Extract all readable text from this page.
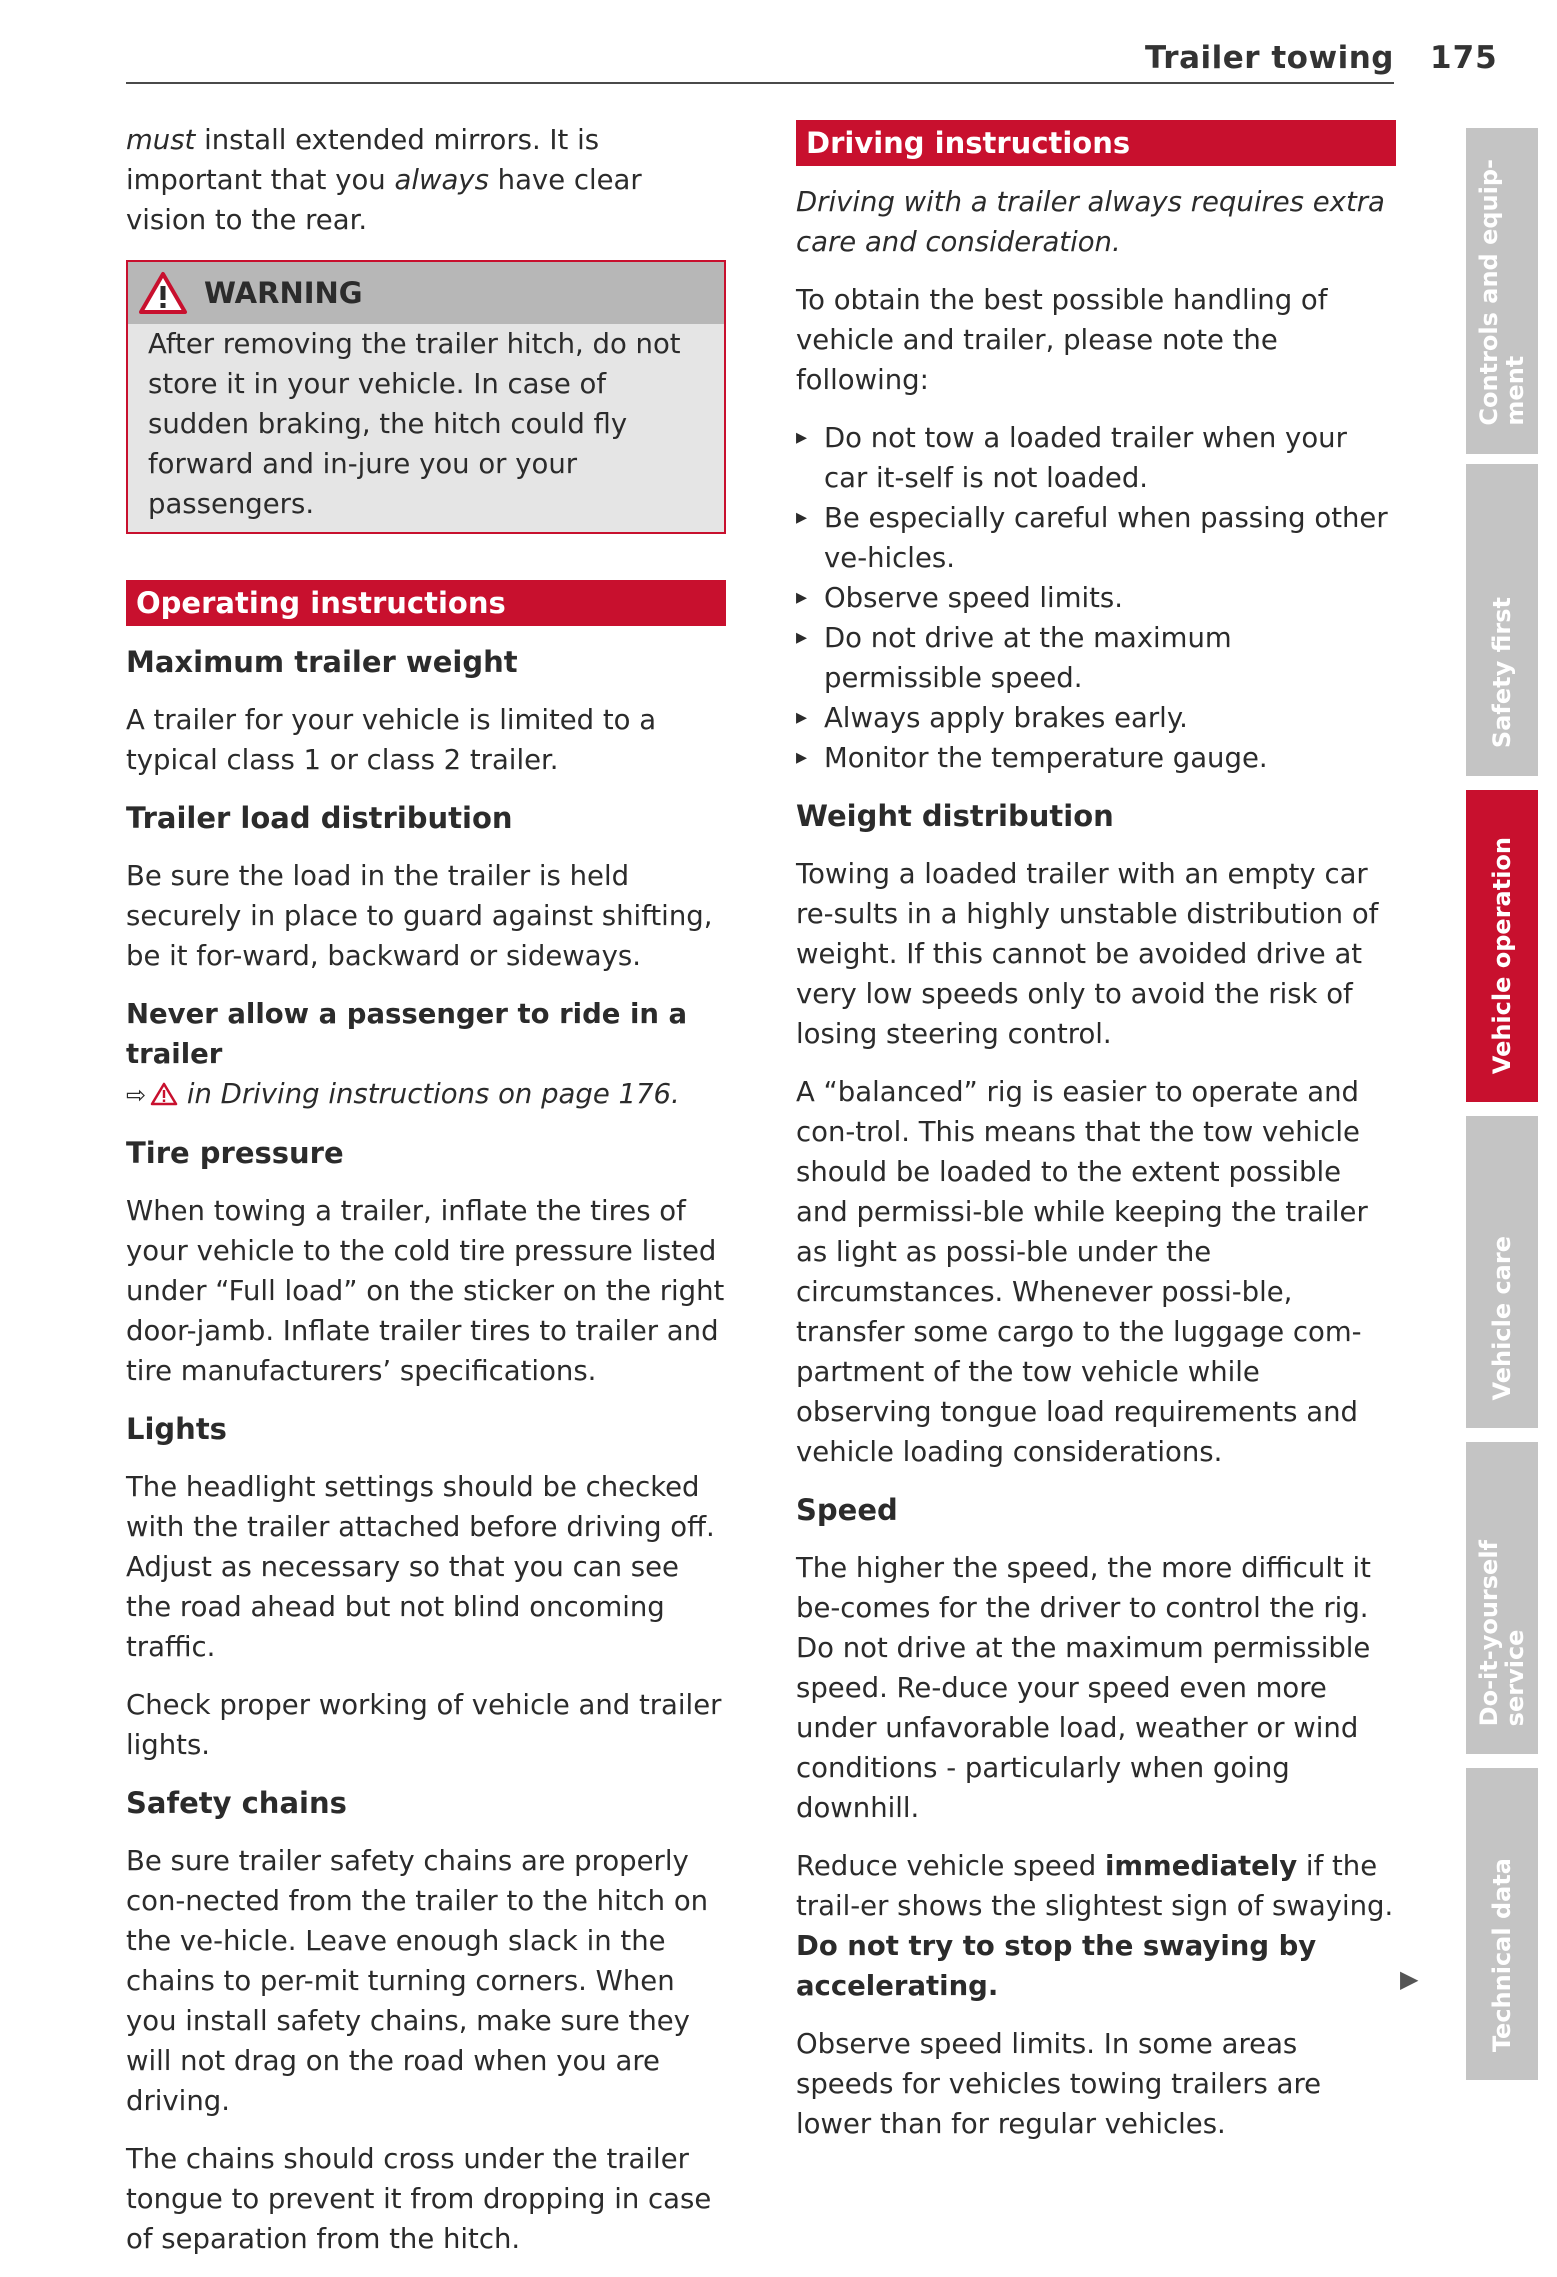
Trailer towing 175

must install extended mirrors. It is important that you always have clear vision to the rear.

WARNING
After removing the trailer hitch, do not store it in your vehicle. In case of sudden braking, the hitch could fly forward and in-jure you or your passengers.
Operating instructions
Maximum trailer weight

A trailer for your vehicle is limited to a typical class 1 or class 2 trailer.

Trailer load distribution

Be sure the load in the trailer is held securely in place to guard against shifting, be it for-ward, backward or sideways.

Never allow a passenger to ride in a trailer

⇨ in Driving instructions on page 176.

Tire pressure

When towing a trailer, inflate the tires of your vehicle to the cold tire pressure listed under “Full load” on the sticker on the right door-jamb. Inflate trailer tires to trailer and tire manufacturers’ specifications.

Lights

The headlight settings should be checked with the trailer attached before driving off. Adjust as necessary so that you can see the road ahead but not blind oncoming traffic.

Check proper working of vehicle and trailer lights.

Safety chains

Be sure trailer safety chains are properly con-nected from the trailer to the hitch on the ve-hicle. Leave enough slack in the chains to per-mit turning corners. When you install safety chains, make sure they will not drag on the road when you are driving.

The chains should cross under the trailer tongue to prevent it from dropping in case of separation from the hitch.

Driving instructions

Driving with a trailer always requires extra care and consideration.

To obtain the best possible handling of vehicle and trailer, please note the following:

▸ Do not tow a loaded trailer when your car it-self is not loaded.
▸ Be especially careful when passing other ve-hicles.
▸ Observe speed limits.
▸ Do not drive at the maximum permissible speed.
▸ Always apply brakes early.
▸ Monitor the temperature gauge.
Weight distribution

Towing a loaded trailer with an empty car re-sults in a highly unstable distribution of weight. If this cannot be avoided drive at very low speeds only to avoid the risk of losing steering control.

A “balanced” rig is easier to operate and con-trol. This means that the tow vehicle should be loaded to the extent possible and permissi-ble while keeping the trailer as light as possi-ble under the circumstances. Whenever possi-ble, transfer some cargo to the luggage com-partment of the tow vehicle while observing tongue load requirements and vehicle loading considerations.

Speed

The higher the speed, the more difficult it be-comes for the driver to control the rig. Do not drive at the maximum permissible speed. Re-duce your speed even more under unfavorable load, weather or wind conditions - particularly when going downhill.

Reduce vehicle speed immediately if the trail-er shows the slightest sign of swaying. Do not try to stop the swaying by accelerating.

Observe speed limits. In some areas speeds for vehicles towing trailers are lower than for regular vehicles.

▶
Controls and equip-
ment
Safety first
Vehicle operation
Vehicle care
Do-it-yourself
service
Technical data
